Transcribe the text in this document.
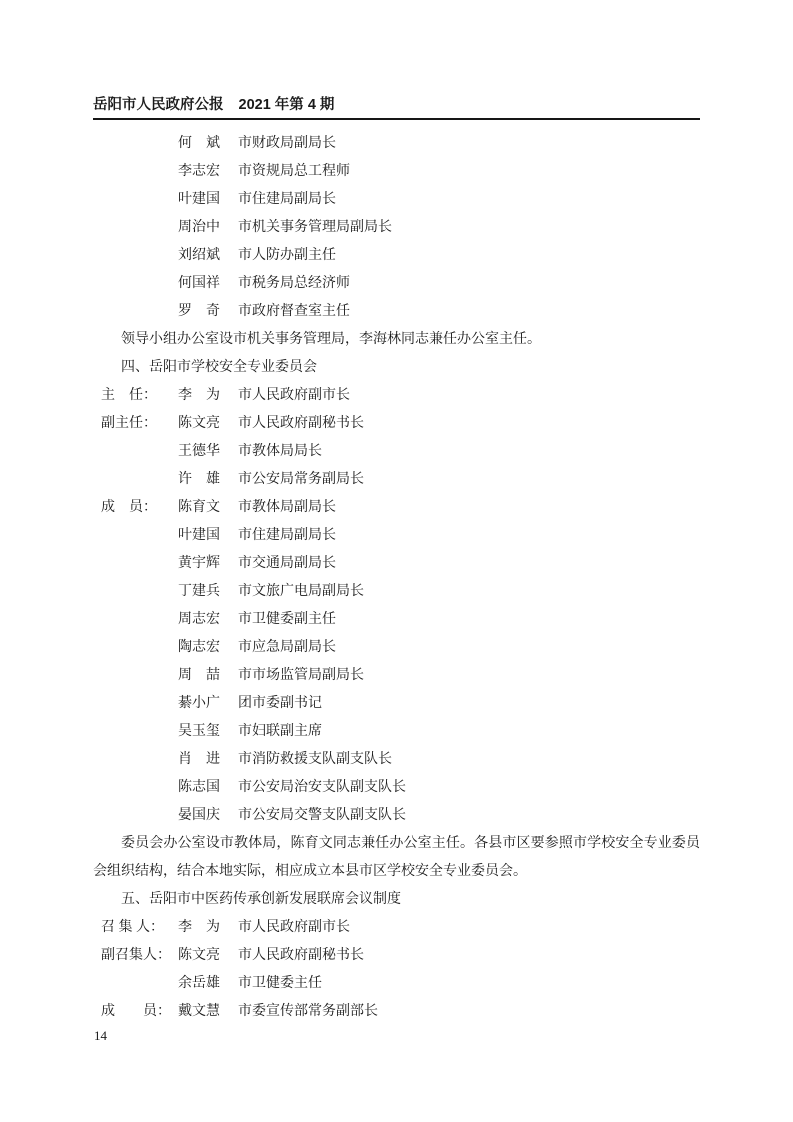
岳阳市人民政府公报 2021 年第 4 期
何　斌 市财政局副局长
李志宏 市资规局总工程师
叶建国 市住建局副局长
周治中 市机关事务管理局副局长
刘绍斌 市人防办副主任
何国祥 市税务局总经济师
罗　奇 市政府督查室主任

领导小组办公室设市机关事务管理局，李海林同志兼任办公室主任。

四、岳阳市学校安全专业委员会

主　任： 李　为 市人民政府副市长
副主任： 陈文亮 市人民政府副秘书长
王德华 市教体局局长
许　雄 市公安局常务副局长
成　员： 陈育文 市教体局副局长
叶建国 市住建局副局长
黄宇辉 市交通局副局长
丁建兵 市文旅广电局副局长
周志宏 市卫健委副主任
陶志宏 市应急局副局长
周　喆 市市场监管局副局长
綦小广 团市委副书记
吴玉玺 市妇联副主席
肖　进 市消防救援支队副支队长
陈志国 市公安局治安支队副支队长
晏国庆 市公安局交警支队副支队长

委员会办公室设市教体局，陈育文同志兼任办公室主任。各县市区要参照市学校安全专业委员会组织结构，结合本地实际，相应成立本县市区学校安全专业委员会。

五、岳阳市中医药传承创新发展联席会议制度

召 集 人： 李　为 市人民政府副市长
副召集人： 陈文亮 市人民政府副秘书长
余岳雄 市卫健委主任
成　　员： 戴文慧 市委宣传部常务副部长
14
